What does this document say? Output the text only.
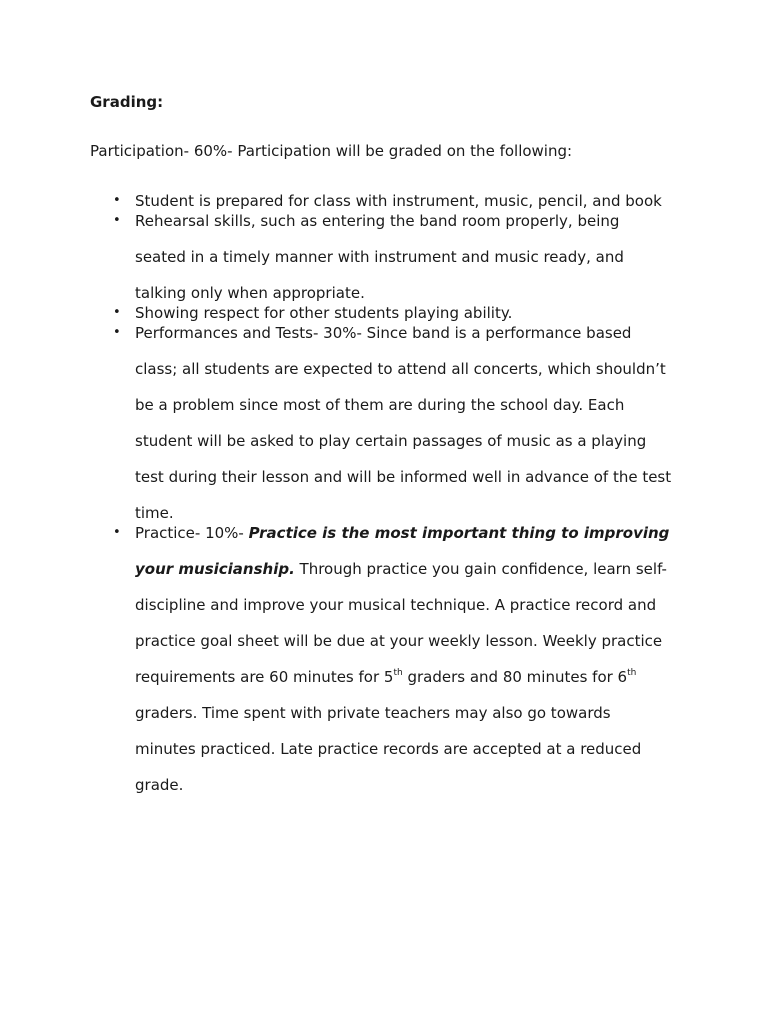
Grading:
Participation- 60%- Participation will be graded on the following:
• Student is prepared for class with instrument, music, pencil, and book
• Rehearsal skills, such as entering the band room properly, being
seated in a timely manner with instrument and music ready, and
talking only when appropriate.
• Showing respect for other students playing ability.
• Performances and Tests- 30%- Since band is a performance based
class; all students are expected to attend all concerts, which shouldn’t
be a problem since most of them are during the school day. Each
student will be asked to play certain passages of music as a playing
test during their lesson and will be informed well in advance of the test
time.
• Practice- 10%- Practice is the most important thing to improving
your musicianship. Through practice you gain confidence, learn self-
discipline and improve your musical technique. A practice record and
practice goal sheet will be due at your weekly lesson. Weekly practice
requirements are 60 minutes for 5th graders and 80 minutes for 6th
graders. Time spent with private teachers may also go towards
minutes practiced. Late practice records are accepted at a reduced
grade.
